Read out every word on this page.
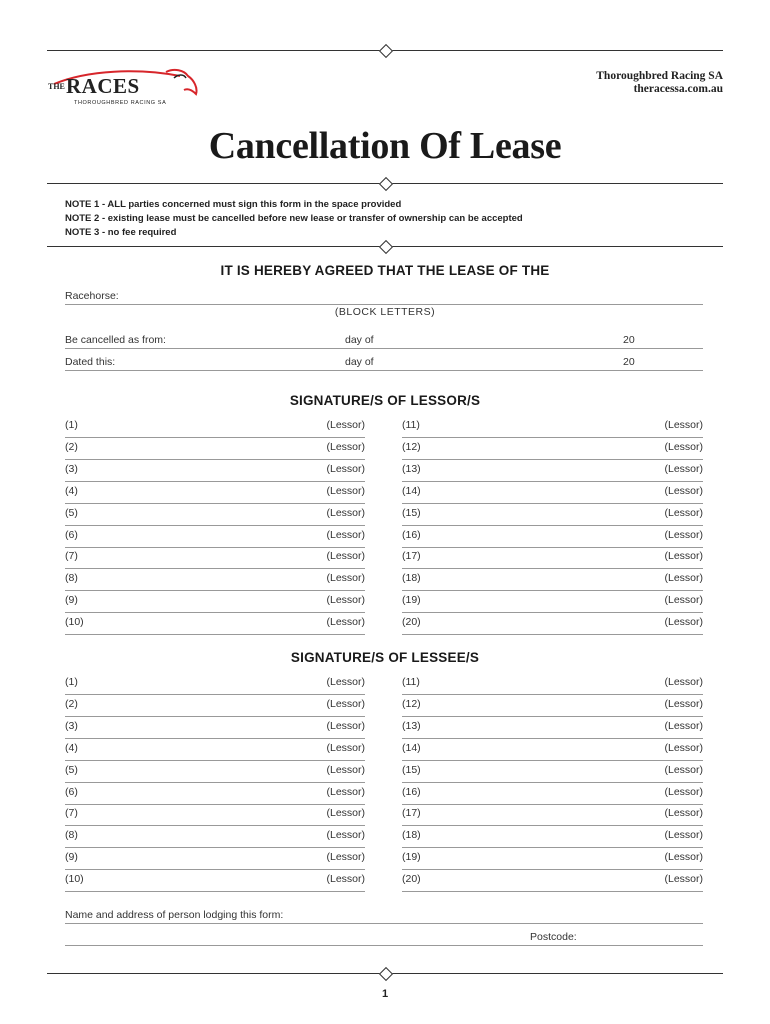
THE RACES
THOROUGHBRED RACING SA
Thoroughbred Racing SA
theracessa.com.au
Cancellation Of Lease
NOTE 1 - ALL parties concerned must sign this form in the space provided
NOTE 2 - existing lease must be cancelled before new lease or transfer of ownership can be accepted
NOTE 3 - no fee required
IT IS HEREBY AGREED THAT THE LEASE OF THE
Racehorse:
(BLOCK LETTERS)
Be cancelled as from:	day of	20
Dated this:	day of	20
SIGNATURE/S OF LESSOR/S
(1)	(Lessor)
(2)	(Lessor)
(3)	(Lessor)
(4)	(Lessor)
(5)	(Lessor)
(6)	(Lessor)
(7)	(Lessor)
(8)	(Lessor)
(9)	(Lessor)
(10)	(Lessor)
(11)	(Lessor)
(12)	(Lessor)
(13)	(Lessor)
(14)	(Lessor)
(15)	(Lessor)
(16)	(Lessor)
(17)	(Lessor)
(18)	(Lessor)
(19)	(Lessor)
(20)	(Lessor)
SIGNATURE/S OF LESSEE/S
(1)	(Lessor)
(2)	(Lessor)
(3)	(Lessor)
(4)	(Lessor)
(5)	(Lessor)
(6)	(Lessor)
(7)	(Lessor)
(8)	(Lessor)
(9)	(Lessor)
(10)	(Lessor)
(11)	(Lessor)
(12)	(Lessor)
(13)	(Lessor)
(14)	(Lessor)
(15)	(Lessor)
(16)	(Lessor)
(17)	(Lessor)
(18)	(Lessor)
(19)	(Lessor)
(20)	(Lessor)
Name and address of person lodging this form:
Postcode:
1
